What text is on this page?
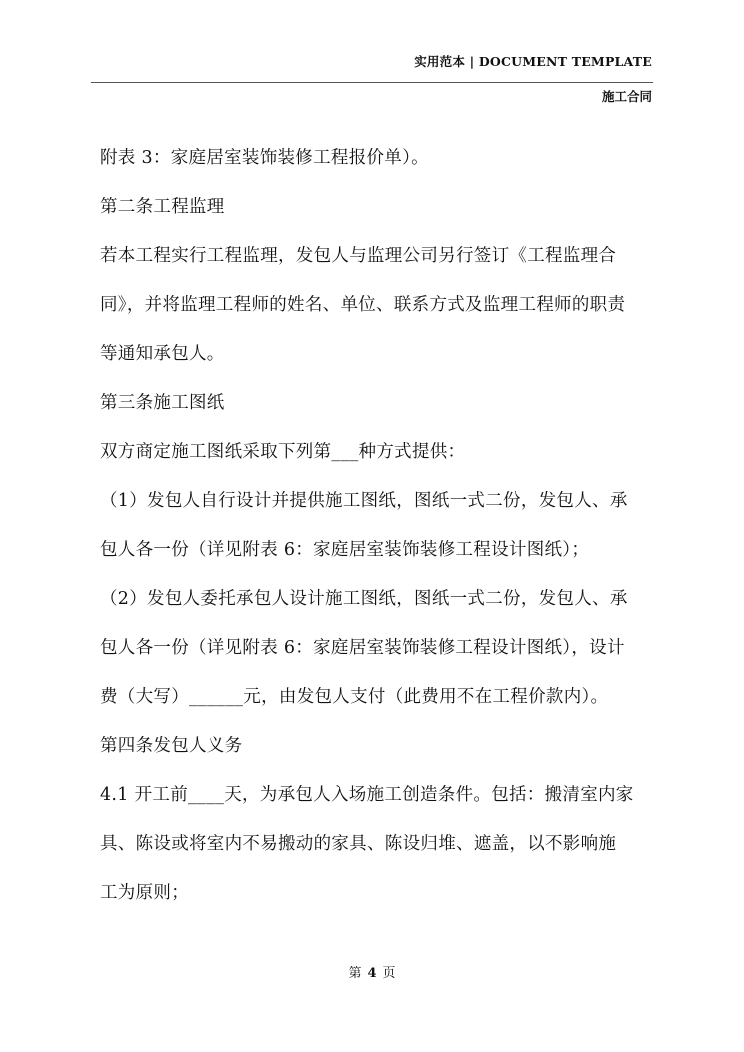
实用范本 | DOCUMENT TEMPLATE
施工合同
附表 3：家庭居室装饰装修工程报价单）。
第二条工程监理
若本工程实行工程监理，发包人与监理公司另行签订《工程监理合
同》，并将监理工程师的姓名、单位、联系方式及监理工程师的职责
等通知承包人。
第三条施工图纸
双方商定施工图纸采取下列第___种方式提供：
（1）发包人自行设计并提供施工图纸，图纸一式二份，发包人、承
包人各一份（详见附表 6：家庭居室装饰装修工程设计图纸）；
（2）发包人委托承包人设计施工图纸，图纸一式二份，发包人、承
包人各一份（详见附表 6：家庭居室装饰装修工程设计图纸），设计
费（大写）______元，由发包人支付（此费用不在工程价款内）。
第四条发包人义务
4.1 开工前____天，为承包人入场施工创造条件。包括：搬清室内家
具、陈设或将室内不易搬动的家具、陈设归堆、遮盖，以不影响施
工为原则；
第 4 页
